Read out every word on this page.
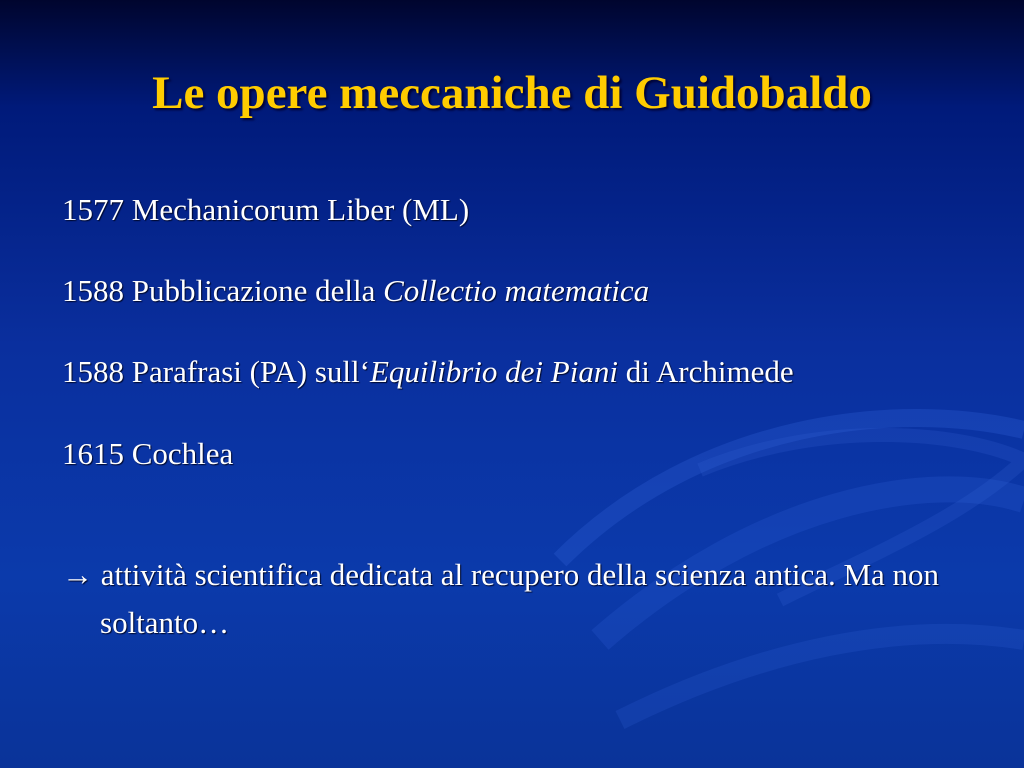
Le opere meccaniche di Guidobaldo
1577 Mechanicorum Liber (ML)
1588 Pubblicazione della Collectio matematica
1588 Parafrasi (PA) sull‘Equilibrio dei Piani di Archimede
1615 Cochlea
→ attività scientifica dedicata al recupero della scienza antica. Ma non soltanto…
